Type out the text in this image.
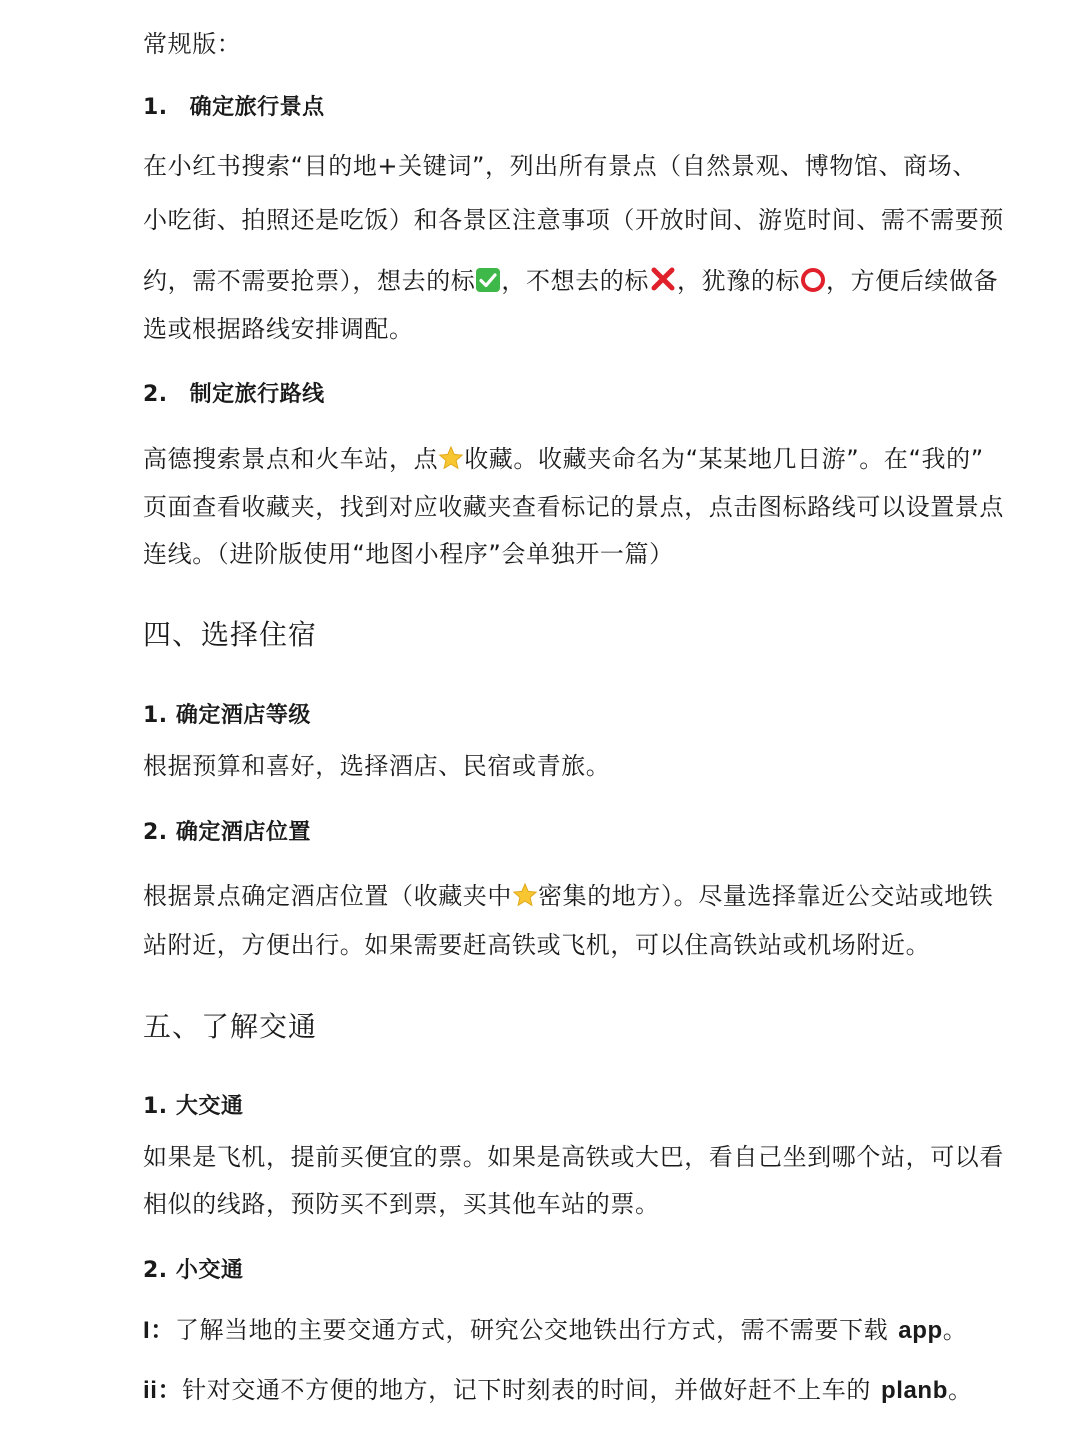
常规版：
1. 确定旅行景点
在小红书搜索“目的地+关键词”，列出所有景点（自然景观、博物馆、商场、
小吃街、拍照还是吃饭）和各景区注意事项（开放时间、游览时间、需不需要预
约，需不需要抢票），想去的标 ，不想去的标 ，犹豫的标 ，方便后续做备
选或根据路线安排调配。
2. 制定旅行路线
高德搜索景点和火车站，点 收藏。收藏夹命名为“某某地几日游”。在“我的”
页面查看收藏夹，找到对应收藏夹查看标记的景点，点击图标路线可以设置景点
连线。（进阶版使用“地图小程序”会单独开一篇）
四、选择住宿
1. 确定酒店等级
根据预算和喜好，选择酒店、民宿或青旅。
2. 确定酒店位置
根据景点确定酒店位置（收藏夹中 密集的地方）。尽量选择靠近公交站或地铁
站附近，方便出行。如果需要赶高铁或飞机，可以住高铁站或机场附近。
五、了解交通
1. 大交通
如果是飞机，提前买便宜的票。如果是高铁或大巴，看自己坐到哪个站，可以看
相似的线路，预防买不到票，买其他车站的票。
2. 小交通
I：了解当地的主要交通方式，研究公交地铁出行方式，需不需要下载 app。
ii：针对交通不方便的地方，记下时刻表的时间，并做好赶不上车的 planb。
